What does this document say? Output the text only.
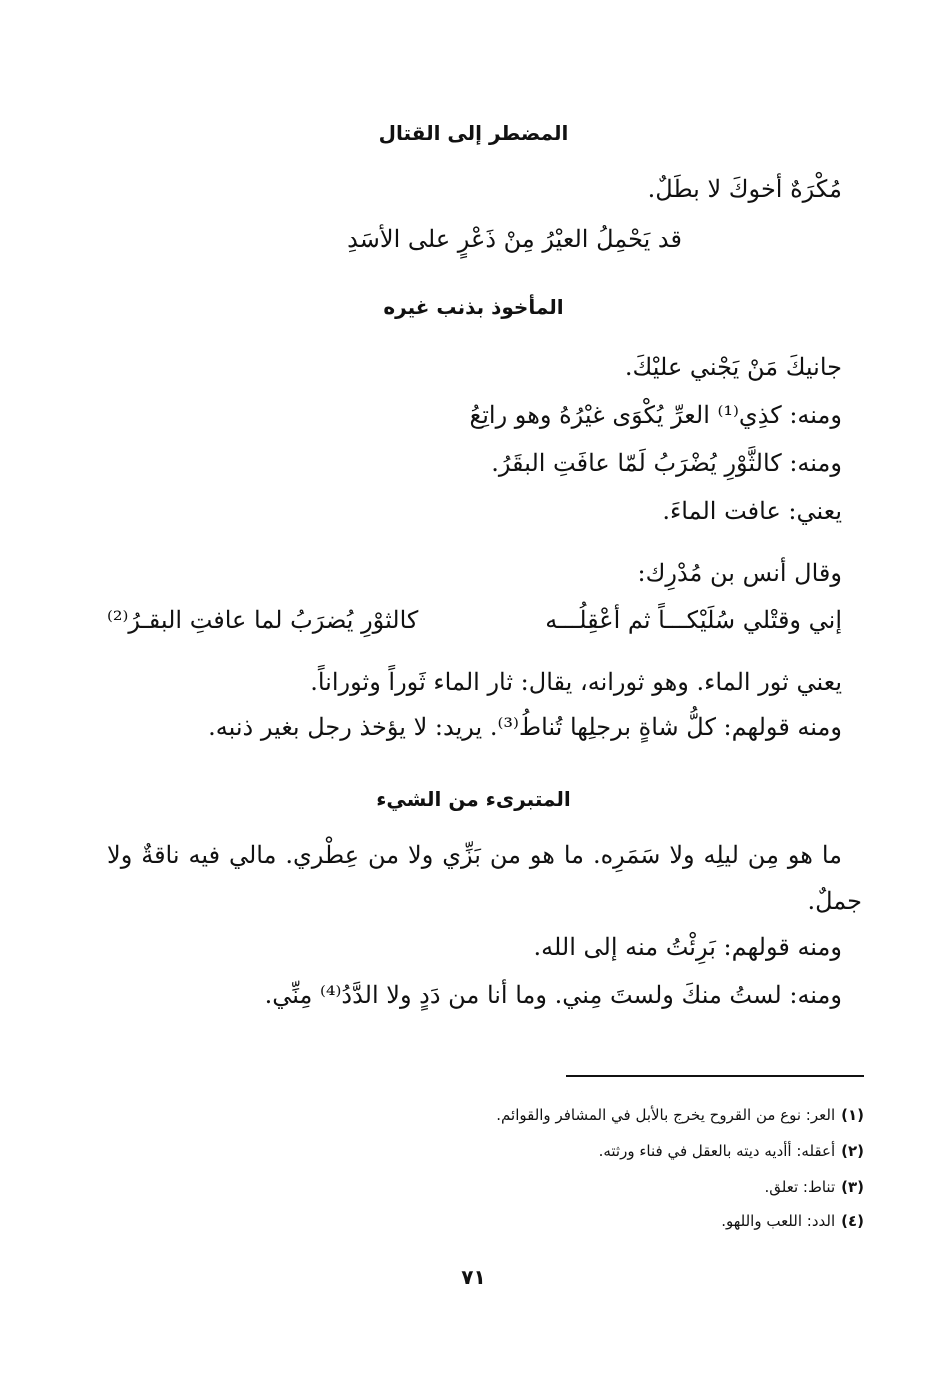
المضطر إلى القتال
مُكْرَهٌ أخوكَ لا بطَلٌ.
قد يَحْمِلُ العيْرُ مِنْ ذَعْرٍ على الأسَدِ
المأخوذ بذنب غيره
جانيكَ مَنْ يَجْني عليْكَ.
ومنه: كذِي⁽¹⁾ العرِّ يُكْوَى غيْرُهُ وهو راتِعُ
ومنه: كالثَّوْرِ يُضْرَبُ لَمّا عافَتِ البقَرُ.
يعني: عافت الماءَ.
وقال أنس بن مُدْرِك:
إني وقتْلي سُلَيْكـــاً ثم أعْقِلُـــه
كالثوْرِ يُضرَبُ لما عافتِ البقـرُ⁽²⁾
يعني ثور الماء. وهو ثورانه، يقال: ثار الماء ثَوراً وثوراناً.
ومنه قولهم: كلُّ شاةٍ برجلِها تُناطُ⁽³⁾. يريد: لا يؤخذ رجل بغير ذنبه.
المتبرىء من الشيء
ما هو مِن ليلِه ولا سَمَرِه. ما هو من بَزِّي ولا من عِطْري. مالي فيه ناقةٌ ولا
جملٌ.
ومنه قولهم: بَرِئْتُ منه إلى الله.
ومنه: لستُ منكَ ولستَ مِني. وما أنا من دَدٍ ولا الدَّدُ⁽⁴⁾ مِنِّي.
(١)العر: نوع من القروح يخرج بالأبل في المشافر والقوائم.
(٢)أعقله: أأديه ديته بالعقل في فناء ورثته.
(٣)تناط: تعلق.
(٤)الدد: اللعب واللهو.
٧١
